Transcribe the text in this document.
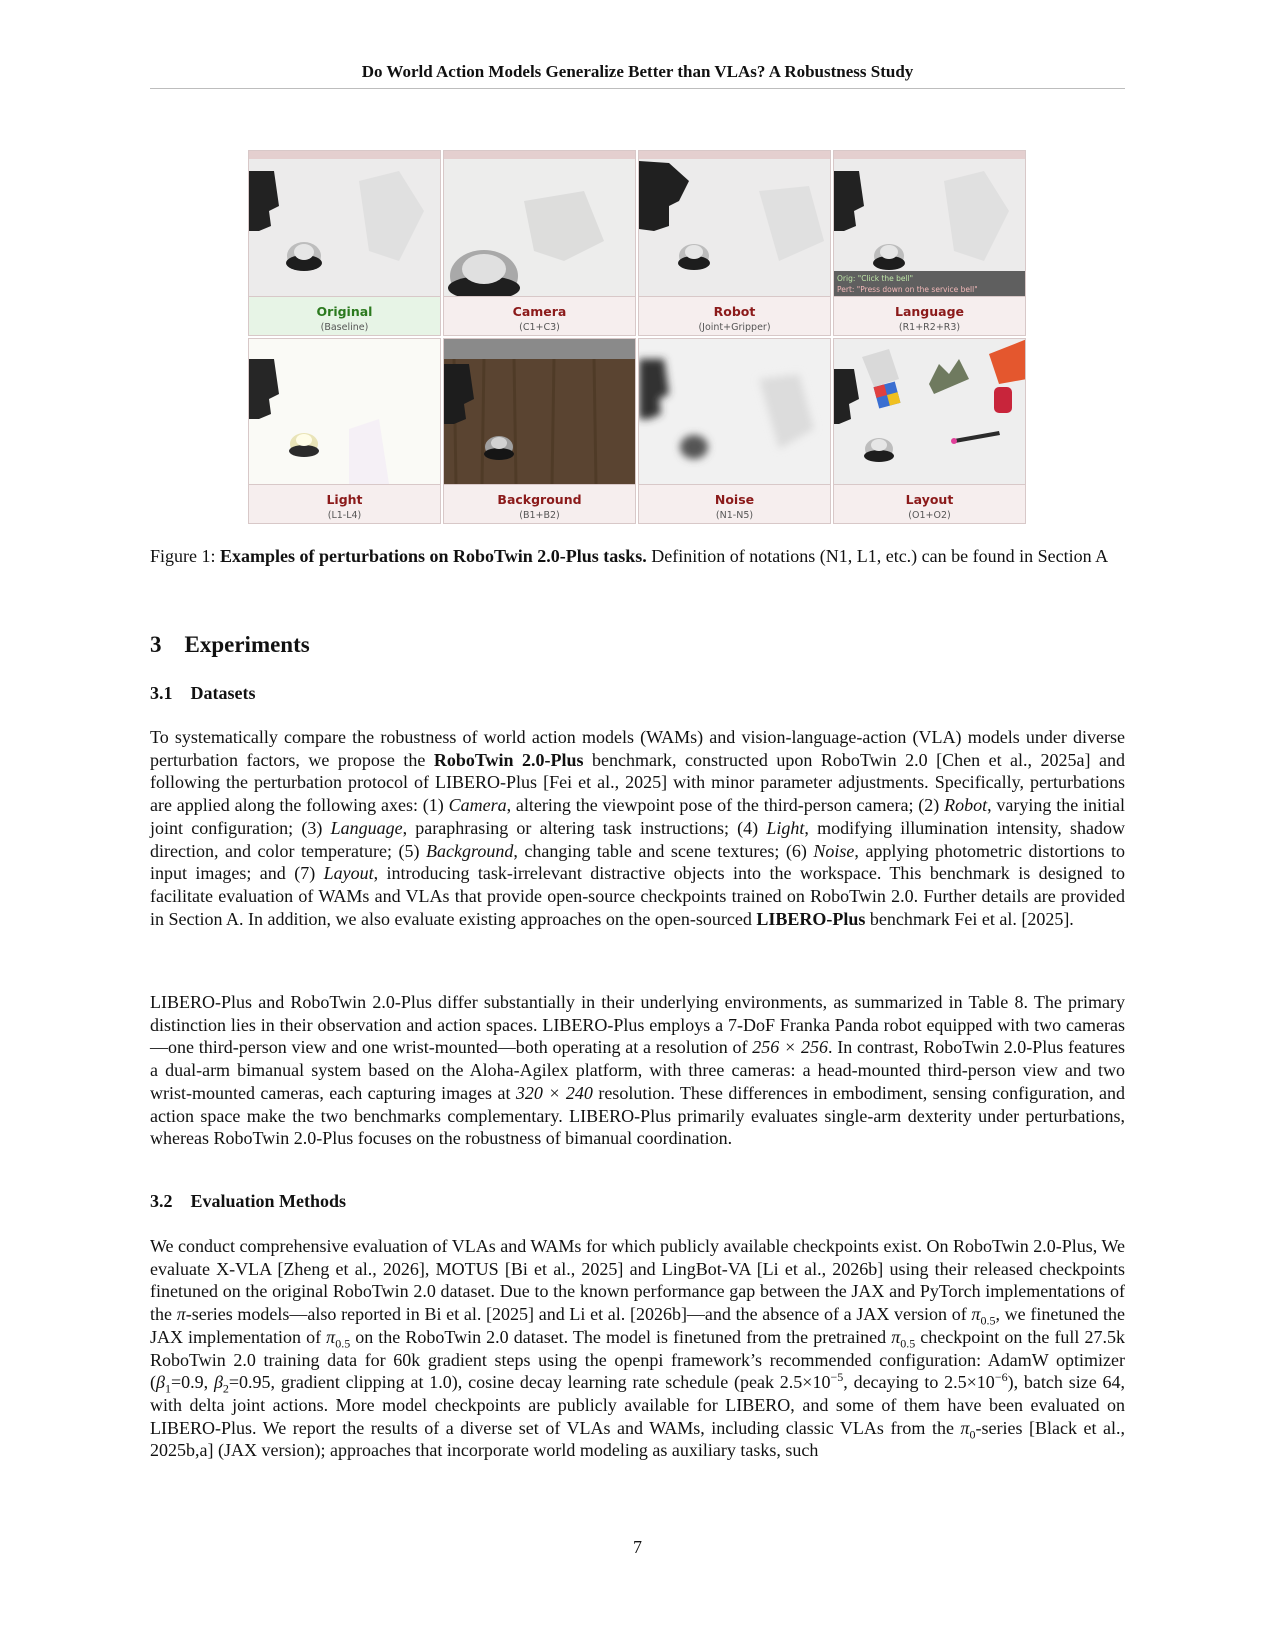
Do World Action Models Generalize Better than VLAs? A Robustness Study
Original
(Baseline)
Camera
(C1+C3)
Robot
(Joint+Gripper)
Orig: "Click the bell"
Pert: "Press down on the service bell"
Language
(R1+R2+R3)
Light
(L1-L4)
Background
(B1+B2)
Noise
(N1-N5)
Layout
(O1+O2)
Figure 1: Examples of perturbations on RoboTwin 2.0-Plus tasks. Definition of notations (N1, L1, etc.) can be found in Section A
3 Experiments
3.1 Datasets

To systematically compare the robustness of world action models (WAMs) and vision-language-action (VLA) models under diverse perturbation factors, we propose the RoboTwin 2.0-Plus benchmark, constructed upon RoboTwin 2.0 [Chen et al., 2025a] and following the perturbation protocol of LIBERO-Plus [Fei et al., 2025] with minor parameter adjustments. Specifically, perturbations are applied along the following axes: (1) Camera, altering the viewpoint pose of the third-person camera; (2) Robot, varying the initial joint configuration; (3) Language, paraphrasing or altering task instructions; (4) Light, modifying illumination intensity, shadow direction, and color temperature; (5) Background, changing table and scene textures; (6) Noise, applying photometric distortions to input images; and (7) Layout, introducing task-irrelevant distractive objects into the workspace. This benchmark is designed to facilitate evaluation of WAMs and VLAs that provide open-source checkpoints trained on RoboTwin 2.0. Further details are provided in Section A. In addition, we also evaluate existing approaches on the open-sourced LIBERO-Plus benchmark Fei et al. [2025].

LIBERO-Plus and RoboTwin 2.0-Plus differ substantially in their underlying environments, as summarized in Table 8. The primary distinction lies in their observation and action spaces. LIBERO-Plus employs a 7-DoF Franka Panda robot equipped with two cameras—one third-person view and one wrist-mounted—both operating at a resolution of 256 × 256. In contrast, RoboTwin 2.0-Plus features a dual-arm bimanual system based on the Aloha-Agilex platform, with three cameras: a head-mounted third-person view and two wrist-mounted cameras, each capturing images at 320 × 240 resolution. These differences in embodiment, sensing configuration, and action space make the two benchmarks complementary. LIBERO-Plus primarily evaluates single-arm dexterity under perturbations, whereas RoboTwin 2.0-Plus focuses on the robustness of bimanual coordination.

3.2 Evaluation Methods

We conduct comprehensive evaluation of VLAs and WAMs for which publicly available checkpoints exist. On RoboTwin 2.0-Plus, We evaluate X-VLA [Zheng et al., 2026], MOTUS [Bi et al., 2025] and LingBot-VA [Li et al., 2026b] using their released checkpoints finetuned on the original RoboTwin 2.0 dataset. Due to the known performance gap between the JAX and PyTorch implementations of the π-series models—also reported in Bi et al. [2025] and Li et al. [2026b]—and the absence of a JAX version of $\pi_{0.5}$, we finetuned the JAX implementation of $\pi_{0.5}$ on the RoboTwin 2.0 dataset. The model is finetuned from the pretrained $\pi_{0.5}$ checkpoint on the full 27.5k RoboTwin 2.0 training data for 60k gradient steps using the openpi framework’s recommended configuration: AdamW optimizer ($\beta_1=0.9$, $\beta_2=0.95$, gradient clipping at 1.0), cosine decay learning rate schedule (peak $2.5\times 10^{-5}$, decaying to $2.5\times 10^{-6}$), batch size 64, with delta joint actions. More model checkpoints are publicly available for LIBERO, and some of them have been evaluated on LIBERO-Plus. We report the results of a diverse set of VLAs and WAMs, including classic VLAs from the $\pi_0$-series [Black et al., 2025b,a] (JAX version); approaches that incorporate world modeling as auxiliary tasks, such

7
